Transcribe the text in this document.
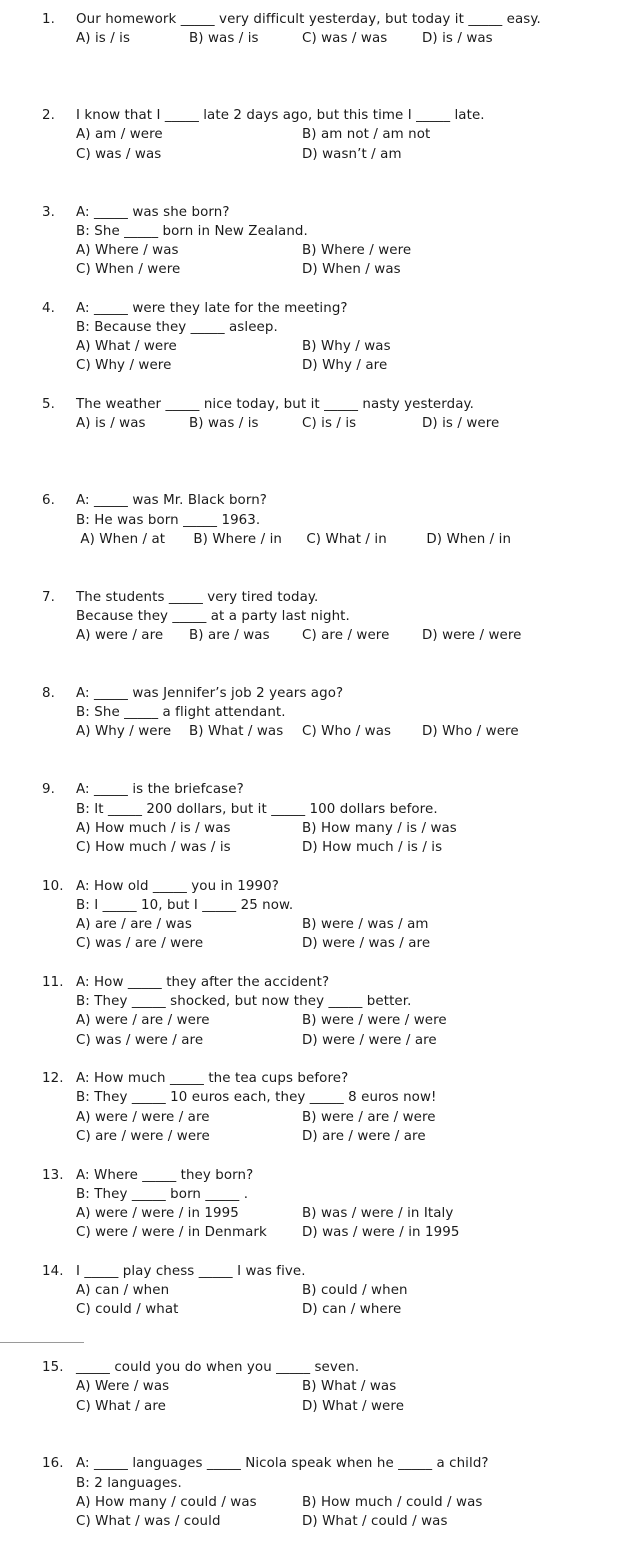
1. Our homework _____ very difficult yesterday, but today it _____ easy.
A) is / is	B) was / is	C) was / was	D) is / was
2. I know that I _____ late 2 days ago, but this time I _____ late.
A) am / were	B) am not / am not
C) was / was	D) wasn’t / am
3. A: _____ was she born?
B: She _____ born in New Zealand.
A) Where / was	B) Where / were
C) When / were	D) When / was
4. A: _____ were they late for the meeting?
B: Because they _____ asleep.
A) What / were	B) Why / was
C) Why / were	D) Why / are
5. The weather _____ nice today, but it _____ nasty yesterday.
A) is / was	B) was / is	C) is / is	D) is / were
6. A: _____ was Mr. Black born?
B: He was born _____ 1963.
A) When / at B) Where / in C) What / in	D) When / in
7. The students _____ very tired today.
Because they _____ at a party last night.
A) were / are B) are / was C) are / were D) were / were
8. A: _____ was Jennifer’s job 2 years ago?
B: She _____ a flight attendant.
A) Why / were B) What / was C) Who / was D) Who / were
9. A: _____ is the briefcase?
B: It _____ 200 dollars, but it _____ 100 dollars before.
A) How much / is / was	B) How many / is / was
C) How much / was / is	D) How much / is / is
10. A: How old _____ you in 1990?
B: I _____ 10, but I _____ 25 now.
A) are / are / was	B) were / was / am
C) was / are / were	D) were / was / are
11. A: How _____ they after the accident?
B: They _____ shocked, but now they _____ better.
A) were / are / were	B) were / were / were
C) was / were / are	D) were / were / are
12. A: How much _____ the tea cups before?
B: They _____ 10 euros each, they _____ 8 euros now!
A) were / were / are	B) were / are / were
C) are / were / were	D) are / were / are
13. A: Where _____ they born?
B: They _____ born _____ .
A) were / were / in 1995	B) was / were / in Italy
C) were / were / in Denmark	D) was / were / in 1995
14. I _____ play chess _____ I was five.
A) can / when	B) could / when
C) could / what	D) can / where
15. _____ could you do when you _____ seven.
A) Were / was	B) What / was
C) What / are	D) What / were
16. A: _____ languages _____ Nicola speak when he _____ a child?
B: 2 languages.
A) How many / could / was	B) How much / could / was
C) What / was / could	D) What / could / was
